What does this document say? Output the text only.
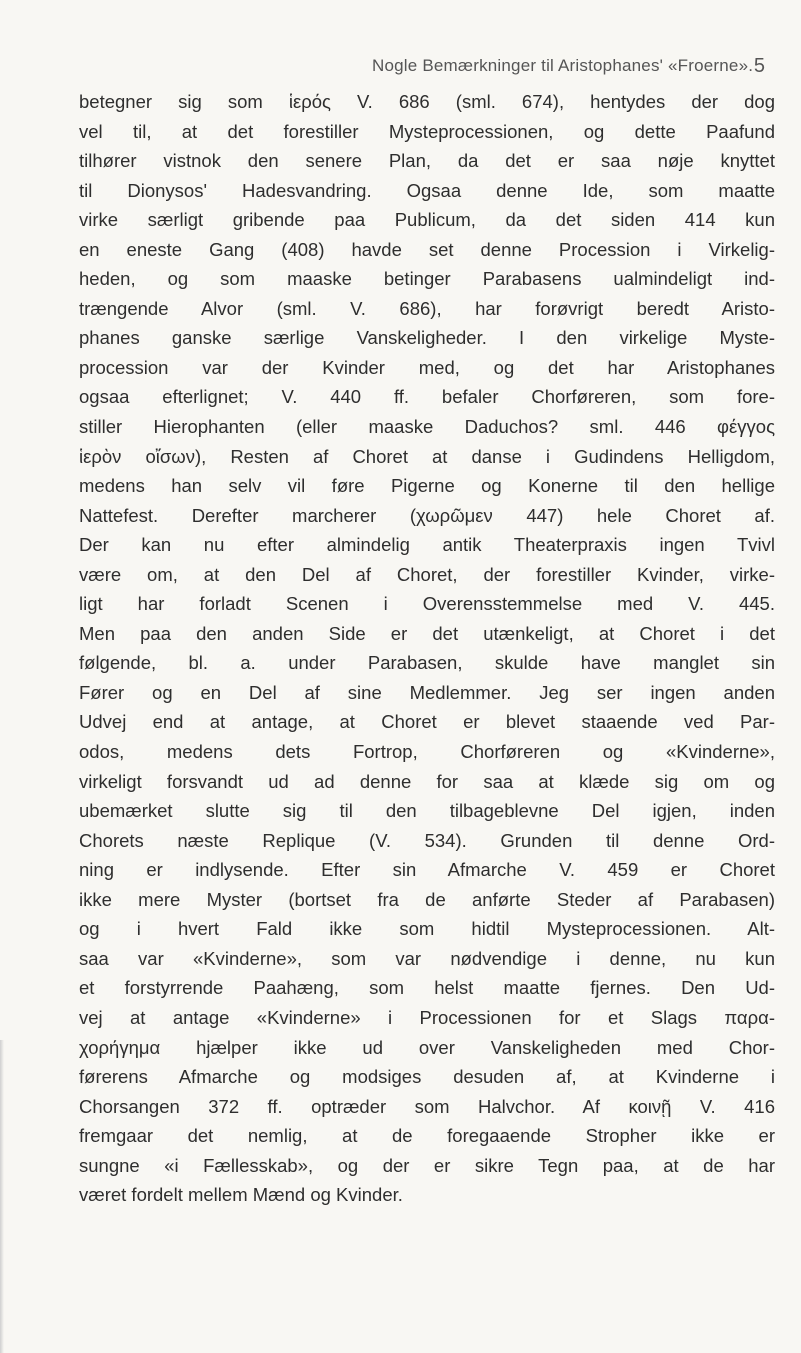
Nogle Bemærkninger til Aristophanes' «Froerne». 5
betegner sig som ἱερός V. 686 (sml. 674), hentydes der dog
vel til, at det forestiller Mysteprocessionen, og dette Paafund
tilhører vistnok den senere Plan, da det er saa nøje knyttet
til Dionysos' Hadesvandring. Ogsaa denne Ide, som maatte
virke særligt gribende paa Publicum, da det siden 414 kun
en eneste Gang (408) havde set denne Procession i Virkelig-
heden, og som maaske betinger Parabasens ualmindeligt ind-
trængende Alvor (sml. V. 686), har forøvrigt beredt Aristo-
phanes ganske særlige Vanskeligheder. I den virkelige Myste-
procession var der Kvinder med, og det har Aristophanes
ogsaa efterlignet; V. 440 ff. befaler Chorføreren, som fore-
stiller Hierophanten (eller maaske Daduchos? sml. 446 φέγγος
ἱερὸν οἴσων), Resten af Choret at danse i Gudindens Helligdom,
medens han selv vil føre Pigerne og Konerne til den hellige
Nattefest. Derefter marcherer (χωρῶμεν 447) hele Choret af.
Der kan nu efter almindelig antik Theaterpraxis ingen Tvivl
være om, at den Del af Choret, der forestiller Kvinder, virke-
ligt har forladt Scenen i Overensstemmelse med V. 445.
Men paa den anden Side er det utænkeligt, at Choret i det
følgende, bl. a. under Parabasen, skulde have manglet sin
Fører og en Del af sine Medlemmer. Jeg ser ingen anden
Udvej end at antage, at Choret er blevet staaende ved Par-
odos, medens dets Fortrop, Chorføreren og «Kvinderne»,
virkeligt forsvandt ud ad denne for saa at klæde sig om og
ubemærket slutte sig til den tilbageblevne Del igjen, inden
Chorets næste Replique (V. 534). Grunden til denne Ord-
ning er indlysende. Efter sin Afmarche V. 459 er Choret
ikke mere Myster (bortset fra de anførte Steder af Parabasen)
og i hvert Fald ikke som hidtil Mysteprocessionen. Alt-
saa var «Kvinderne», som var nødvendige i denne, nu kun
et forstyrrende Paahæng, som helst maatte fjernes. Den Ud-
vej at antage «Kvinderne» i Processionen for et Slags παρα-
χορήγημα hjælper ikke ud over Vanskeligheden med Chor-
førerens Afmarche og modsiges desuden af, at Kvinderne i
Chorsangen 372 ff. optræder som Halvchor. Af κοινῇ V. 416
fremgaar det nemlig, at de foregaaende Stropher ikke er
sungne «i Fællesskab», og der er sikre Tegn paa, at de har
været fordelt mellem Mænd og Kvinder.
